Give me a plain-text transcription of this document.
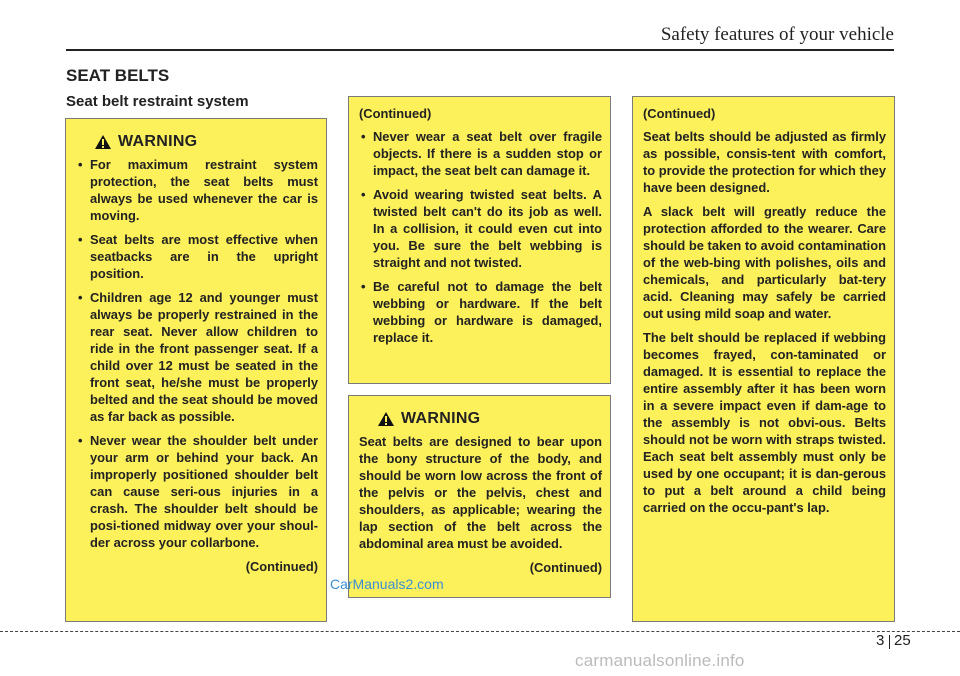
Safety features of your vehicle
SEAT BELTS
Seat belt restraint system
WARNING
• For maximum restraint system protection, the seat belts must always be used whenever the car is moving.
• Seat belts are most effective when seatbacks are in the upright position.
• Children age 12 and younger must always be properly restrained in the rear seat. Never allow children to ride in the front passenger seat. If a child over 12 must be seated in the front seat, he/she must be properly belted and the seat should be moved as far back as possible.
• Never wear the shoulder belt under your arm or behind your back. An improperly positioned shoulder belt can cause seri-ous injuries in a crash. The shoulder belt should be posi-tioned midway over your shoul-der across your collarbone.
(Continued)
(Continued)
• Never wear a seat belt over fragile objects. If there is a sudden stop or impact, the seat belt can damage it.
• Avoid wearing twisted seat belts. A twisted belt can't do its job as well. In a collision, it could even cut into you. Be sure the belt webbing is straight and not twisted.
• Be careful not to damage the belt webbing or hardware. If the belt webbing or hardware is damaged, replace it.
WARNING

Seat belts are designed to bear upon the bony structure of the body, and should be worn low across the front of the pelvis or the pelvis, chest and shoulders, as applicable; wearing the lap section of the belt across the abdominal area must be avoided.

(Continued)
(Continued)

Seat belts should be adjusted as firmly as possible, consis-tent with comfort, to provide the protection for which they have been designed.

A slack belt will greatly reduce the protection afforded to the wearer. Care should be taken to avoid contamination of the web-bing with polishes, oils and chemicals, and particularly bat-tery acid. Cleaning may safely be carried out using mild soap and water.

The belt should be replaced if webbing becomes frayed, con-taminated or damaged. It is essential to replace the entire assembly after it has been worn in a severe impact even if dam-age to the assembly is not obvi-ous. Belts should not be worn with straps twisted. Each seat belt assembly must only be used by one occupant; it is dan-gerous to put a belt around a child being carried on the occu-pant's lap.

CarManuals2.com
3 25
carmanualsonline.info
